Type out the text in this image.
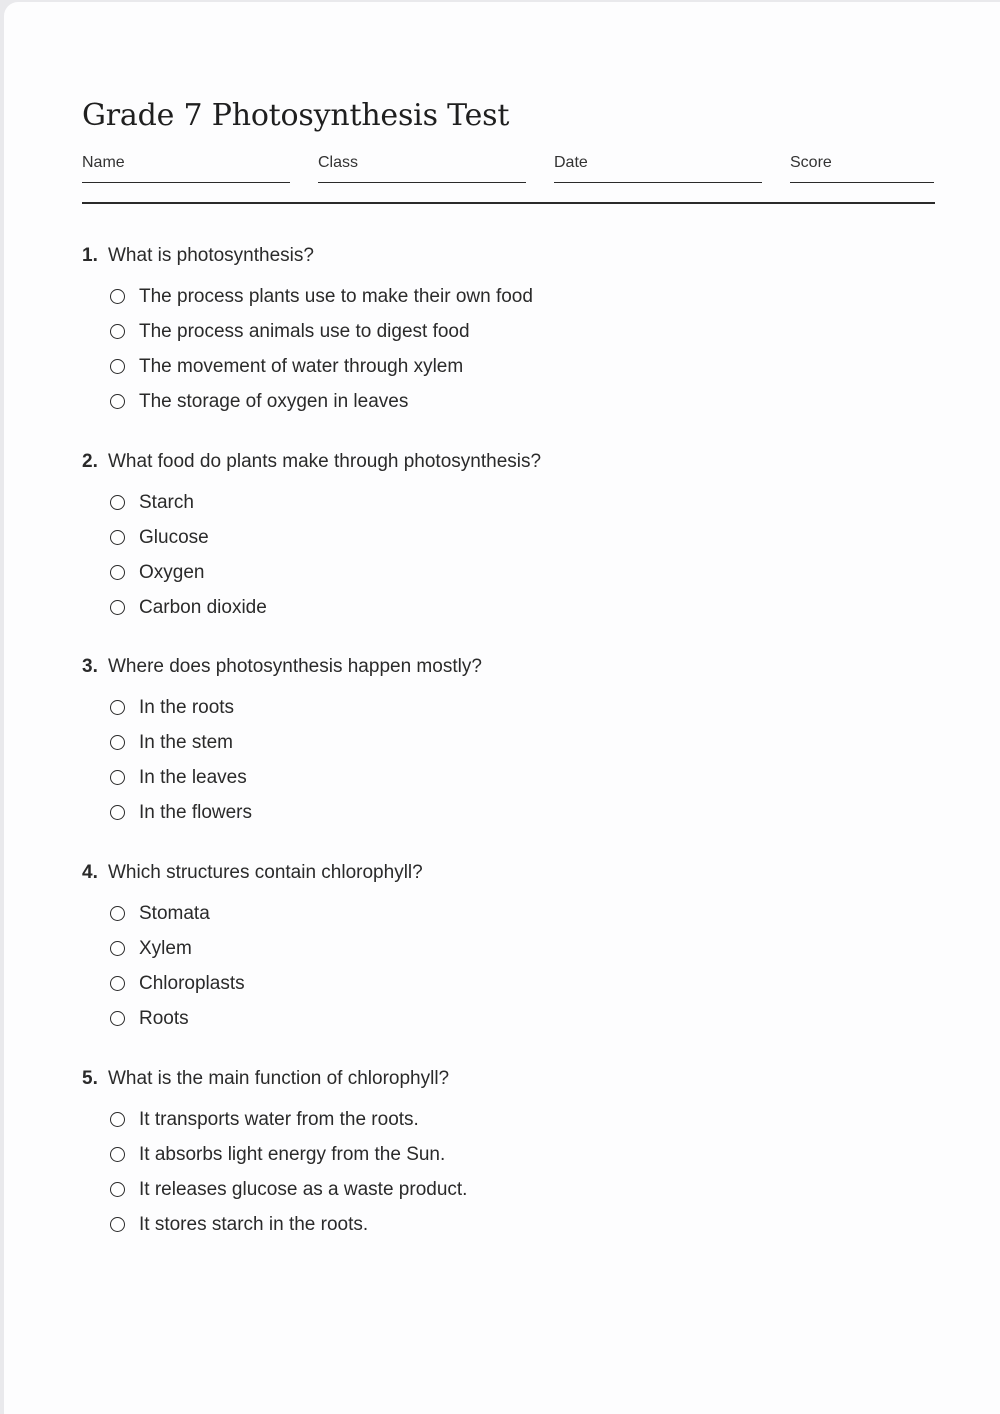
Grade 7 Photosynthesis Test
Name	Class	Date	Score
1. What is photosynthesis?
The process plants use to make their own food
The process animals use to digest food
The movement of water through xylem
The storage of oxygen in leaves
2. What food do plants make through photosynthesis?
Starch
Glucose
Oxygen
Carbon dioxide
3. Where does photosynthesis happen mostly?
In the roots
In the stem
In the leaves
In the flowers
4. Which structures contain chlorophyll?
Stomata
Xylem
Chloroplasts
Roots
5. What is the main function of chlorophyll?
It transports water from the roots.
It absorbs light energy from the Sun.
It releases glucose as a waste product.
It stores starch in the roots.
